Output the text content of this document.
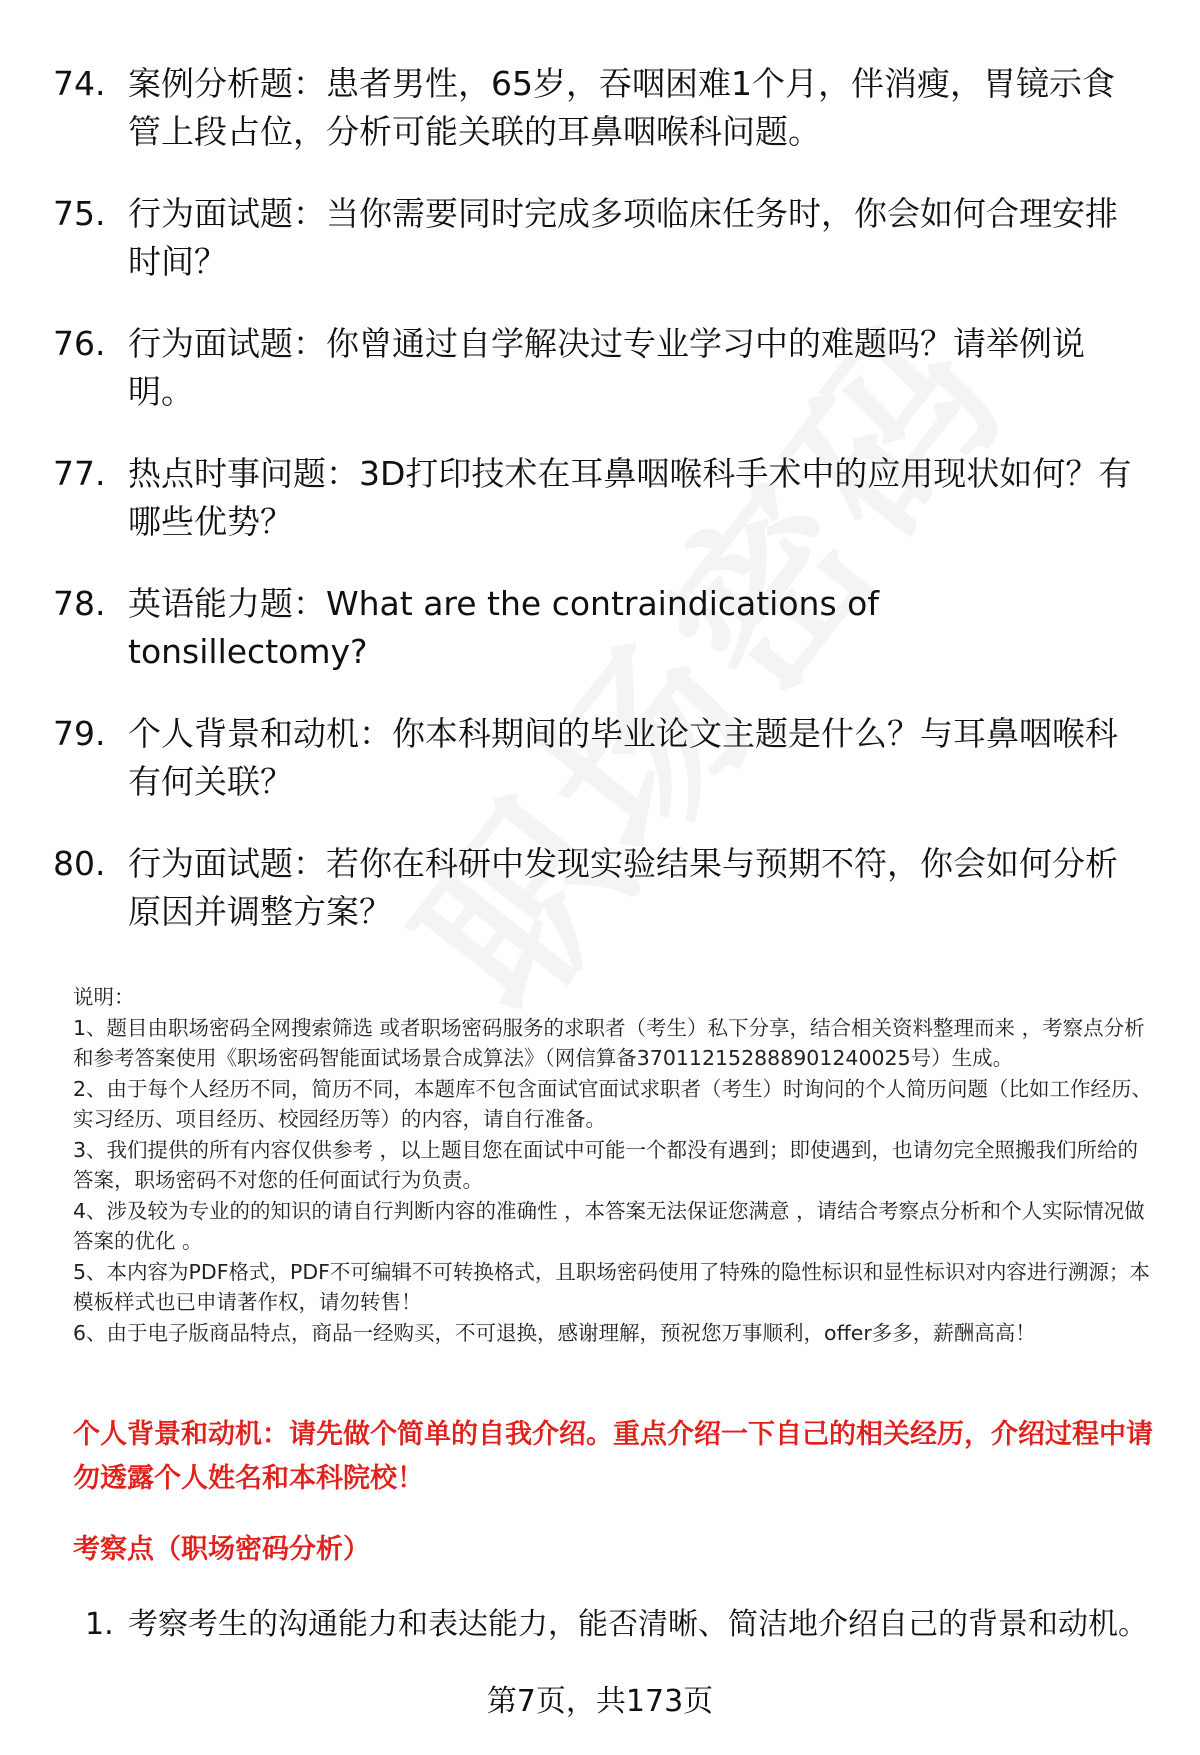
74. 案例分析题：患者男性，65岁，吞咽困难1个月，伴消瘦，胃镜示食管上段占位，分析可能关联的耳鼻咽喉科问题。
75. 行为面试题：当你需要同时完成多项临床任务时，你会如何合理安排时间？
76. 行为面试题：你曾通过自学解决过专业学习中的难题吗？请举例说明。
77. 热点时事问题：3D打印技术在耳鼻咽喉科手术中的应用现状如何？有哪些优势？
78. 英语能力题：What are the contraindications of tonsillectomy?
79. 个人背景和动机：你本科期间的毕业论文主题是什么？与耳鼻咽喉科有何关联？
80. 行为面试题：若你在科研中发现实验结果与预期不符，你会如何分析原因并调整方案？

说明：

1、题目由职场密码全网搜索筛选 或者职场密码服务的求职者（考生）私下分享，结合相关资料整理而来 ，考察点分析和参考答案使用《职场密码智能面试场景合成算法》（网信算备370112152888901240025号）生成。

2、由于每个人经历不同，简历不同，本题库不包含面试官面试求职者（考生）时询问的个人简历问题（比如工作经历、实习经历、项目经历、校园经历等）的内容，请自行准备。

3、我们提供的所有内容仅供参考 ，以上题目您在面试中可能一个都没有遇到；即使遇到，也请勿完全照搬我们所给的答案，职场密码不对您的任何面试行为负责。

4、涉及较为专业的的知识的请自行判断内容的准确性 ，本答案无法保证您满意 ，请结合考察点分析和个人实际情况做答案的优化 。

5、本内容为PDF格式，PDF不可编辑不可转换格式，且职场密码使用了特殊的隐性标识和显性标识对内容进行溯源；本模板样式也已申请著作权，请勿转售！

6、由于电子版商品特点，商品一经购买，不可退换，感谢理解，预祝您万事顺利，offer多多，薪酬高高！

个人背景和动机：请先做个简单的自我介绍。重点介绍一下自己的相关经历，介绍过程中请勿透露个人姓名和本科院校！
考察点（职场密码分析）
1. 考察考生的沟通能力和表达能力，能否清晰、简洁地介绍自己的背景和动机。
第7页，共173页
